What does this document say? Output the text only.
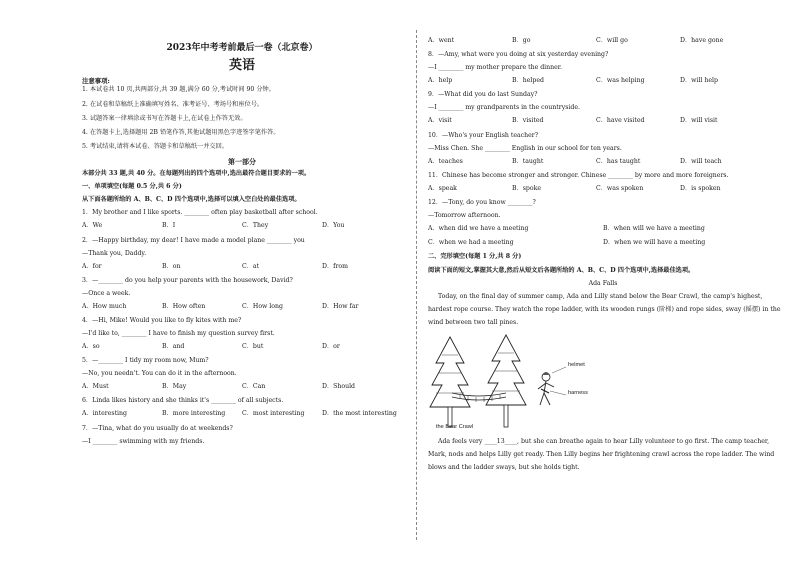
2023年中考考前最后一卷（北京卷）
英语
注意事项:
1. 本试卷共 10 页,共两部分,共 39 题,满分 60 分,考试时间 90 分钟。
2. 在试卷和草稿纸上准确填写姓名、准考证号、考场号和座位号。
3. 试题答案一律填涂或书写在答题卡上,在试卷上作答无效。
4. 在答题卡上,选择题用 2B 铅笔作答,其他试题用黑色字迹签字笔作答。
5. 考试结束,请将本试卷、答题卡和草稿纸一并交回。
第一部分
本部分共 33 题,共 40 分。在每题列出的四个选项中,选出最符合题目要求的一项。
一、单项填空(每题 0.5 分,共 6 分)
从下面各题所给的 A、B、C、D 四个选项中,选择可以填入空白处的最佳选项。
1．My brother and I like sports. ________ often play basketball after school.
A．We	B．I	C．They	D．You
2．—Happy birthday, my dear! I have made a model plane ________ you
—Thank you, Daddy.
A．for	B．on	C．at	D．from
3．—________ do you help your parents with the housework, David?
—Once a week.
A．How much	B．How often	C．How long	D．How far
4．—Hi, Mike! Would you like to fly kites with me?
—I'd like to, ________ I have to finish my question survey first.
A．so	B．and	C．but	D．or
5．—________ I tidy my room now, Mum?
—No, you needn't. You can do it in the afternoon.
A．Must	B．May	C．Can	D．Should
6．Linda likes history and she thinks it's ________ of all subjects.
A．interesting	B．more interesting	C．most interesting	D．the most interesting
7．—Tina, what do you usually do at weekends?
—I ________ swimming with my friends.
A．went	B．go	C．will go	D．have gone
8．—Amy, what were you doing at six yesterday evening?
—I ________ my mother prepare the dinner.
A．help	B．helped	C．was helping	D．will help
9．—What did you do last Sunday?
—I ________ my grandparents in the countryside.
A．visit	B．visited	C．have visited	D．will visit
10．—Who's your English teacher?
—Miss Chen. She ________ English in our school for ten years.
A．teaches	B．taught	C．has taught	D．will teach
11．Chinese has become stronger and stronger. Chinese ________ by more and more foreigners.
A．speak	B．spoke	C．was spoken	D．is spoken
12．—Tony, do you know ________?
—Tomorrow afternoon.
A．when did we have a meeting	B．when will we have a meeting
C．when we had a meeting	D．when we will have a meeting
二、完形填空(每题 1 分,共 8 分)
阅读下面的短文,掌握其大意,然后从短文后各题所给的 A、B、C、D 四个选项中,选择最佳选项。
Ada Falls
Today, on the final day of summer camp, Ada and Lilly stand below the Bear Crawl, the camp's highest,
hardest rope course. They watch the rope ladder, with its wooden rungs (阶梯) and rope sides, sway (摇摆) in the
wind between two tall pines.
helmet
harness
the Bear Crawl
Ada feels very ____13____, but she can breathe again to hear Lilly volunteer to go first. The camp teacher,
Mark, nods and helps Lilly get ready. Then Lilly begins her frightening crawl across the rope ladder. The wind
blows and the ladder sways, but she holds tight.
